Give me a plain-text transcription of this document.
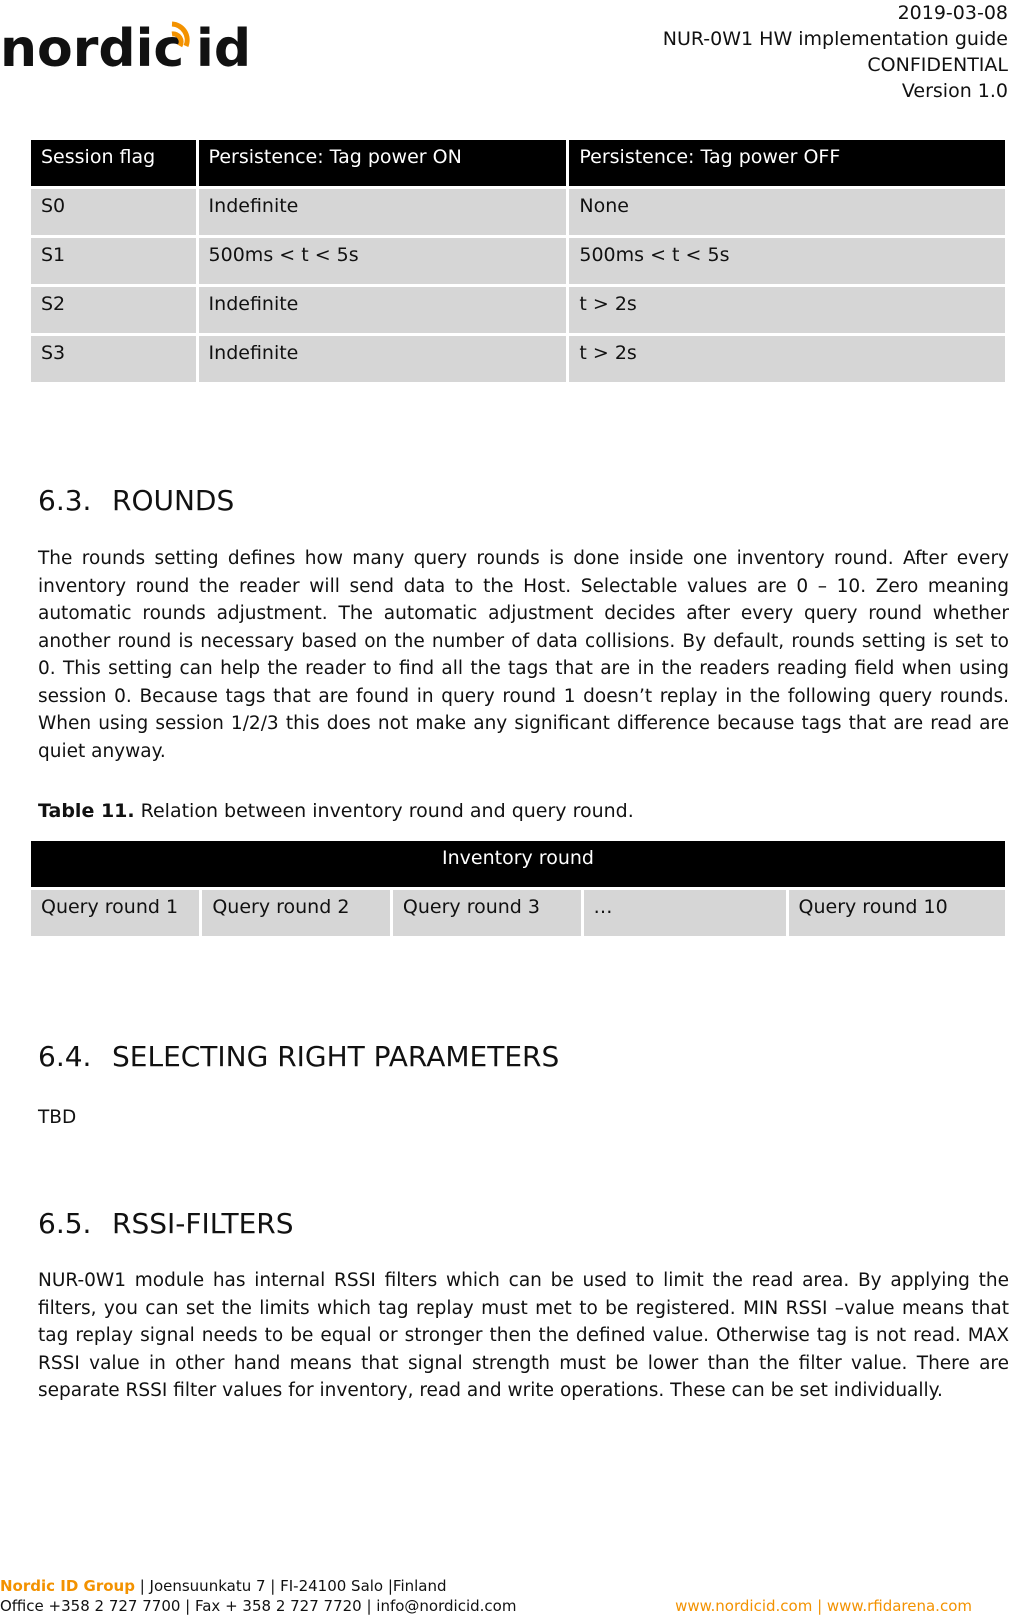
nordic id
2019-03-08
NUR-0W1 HW implementation guide
CONFIDENTIAL
Version 1.0
Session flag	Persistence: Tag power ON	Persistence: Tag power OFF
S0	Indefinite	None
S1	500ms < t < 5s	500ms < t < 5s
S2	Indefinite	t > 2s
S3	Indefinite	t > 2s
6.3. ROUNDS

The rounds setting defines how many query rounds is done inside one inventory round. After every inventory round the reader will send data to the Host. Selectable values are 0 – 10. Zero meaning automatic rounds adjustment. The automatic adjustment decides after every query round whether another round is necessary based on the number of data collisions. By default, rounds setting is set to 0. This setting can help the reader to find all the tags that are in the readers reading field when using session 0. Because tags that are found in query round 1 doesn’t replay in the following query rounds. When using session 1/2/3 this does not make any significant difference because tags that are read are quiet anyway.

Table 11. Relation between inventory round and query round.

Inventory round
Query round 1	Query round 2	Query round 3	…	Query round 10
6.4. SELECTING RIGHT PARAMETERS

TBD

6.5. RSSI-FILTERS

NUR-0W1 module has internal RSSI filters which can be used to limit the read area. By applying the filters, you can set the limits which tag replay must met to be registered. MIN RSSI –value means that tag replay signal needs to be equal or stronger then the defined value. Otherwise tag is not read. MAX RSSI value in other hand means that signal strength must be lower than the filter value. There are separate RSSI filter values for inventory, read and write operations. These can be set individually.

Nordic ID Group | Joensuunkatu 7 | FI-24100 Salo |Finland
Office +358 2 727 7700 | Fax + 358 2 727 7720 | info@nordicid.com	www.nordicid.com | www.rfidarena.com
